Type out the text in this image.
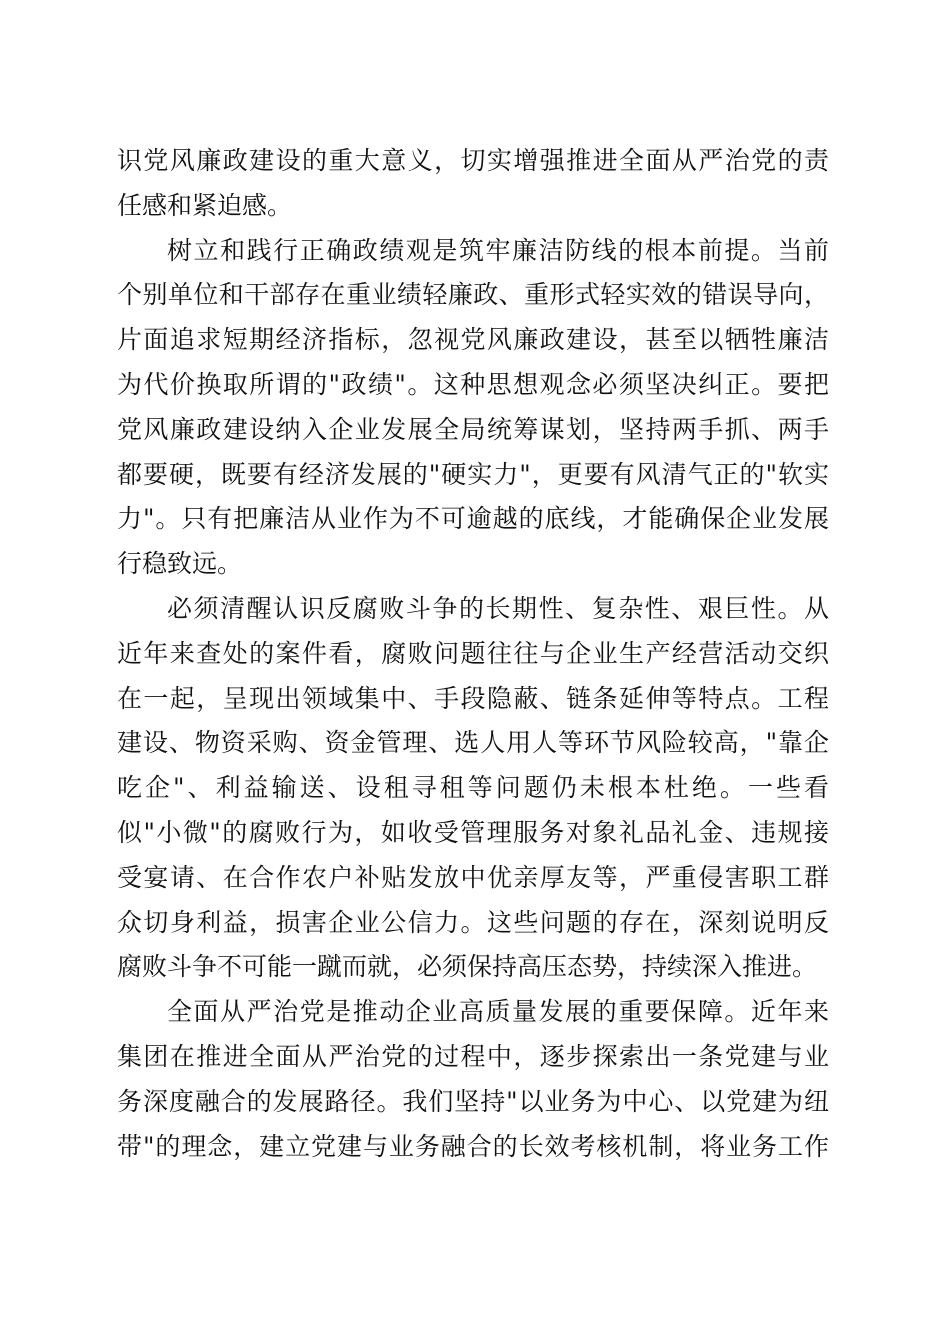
识党风廉政建设的重大意义，切实增强推进全面从严治党的责
任感和紧迫感。
树立和践行正确政绩观是筑牢廉洁防线的根本前提。当前
个别单位和干部存在重业绩轻廉政、重形式轻实效的错误导向，
片面追求短期经济指标，忽视党风廉政建设，甚至以牺牲廉洁
为代价换取所谓的"政绩"。这种思想观念必须坚决纠正。要把
党风廉政建设纳入企业发展全局统筹谋划，坚持两手抓、两手
都要硬，既要有经济发展的"硬实力"，更要有风清气正的"软实
力"。只有把廉洁从业作为不可逾越的底线，才能确保企业发展
行稳致远。
必须清醒认识反腐败斗争的长期性、复杂性、艰巨性。从
近年来查处的案件看，腐败问题往往与企业生产经营活动交织
在一起，呈现出领域集中、手段隐蔽、链条延伸等特点。工程
建设、物资采购、资金管理、选人用人等环节风险较高，"靠企
吃企"、利益输送、设租寻租等问题仍未根本杜绝。一些看
似"小微"的腐败行为，如收受管理服务对象礼品礼金、违规接
受宴请、在合作农户补贴发放中优亲厚友等，严重侵害职工群
众切身利益，损害企业公信力。这些问题的存在，深刻说明反
腐败斗争不可能一蹴而就，必须保持高压态势，持续深入推进。
全面从严治党是推动企业高质量发展的重要保障。近年来
集团在推进全面从严治党的过程中，逐步探索出一条党建与业
务深度融合的发展路径。我们坚持"以业务为中心、以党建为纽
带"的理念，建立党建与业务融合的长效考核机制，将业务工作
